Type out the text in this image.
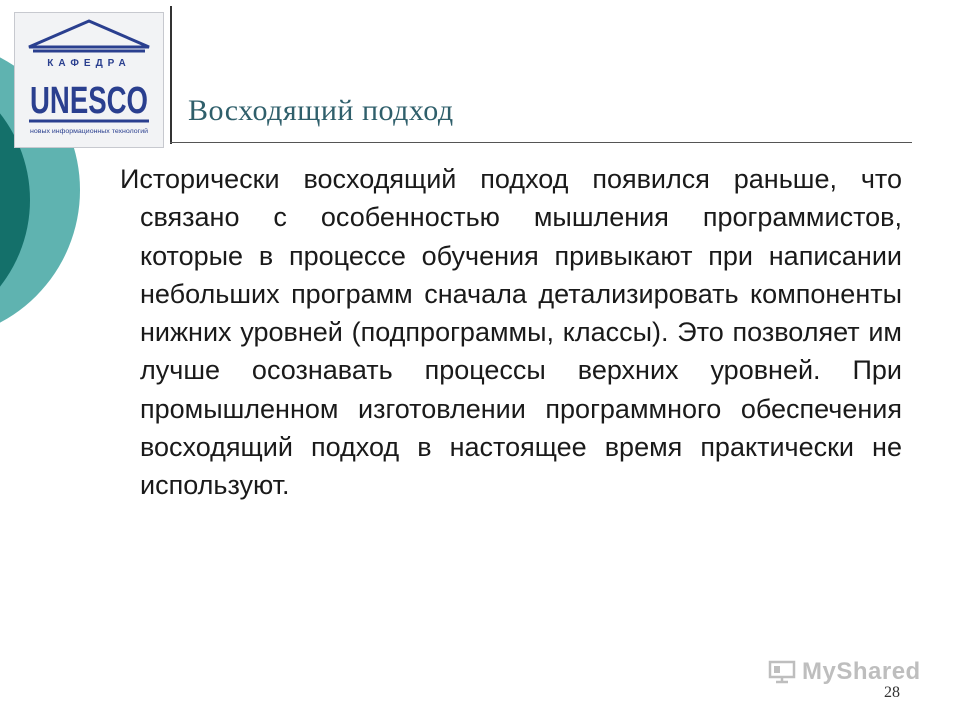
КАФЕДРА
UNESCO
новых информационных технологий
Восходящий подход
Исторически восходящий подход появился раньше, что связано с особенностью мышления программистов, которые в процессе обучения привыкают при написании небольших программ сначала детализировать компоненты нижних уровней (подпрограммы, классы). Это позволяет им лучше осознавать процессы верхних уровней. При промышленном изготовлении программного обеспечения восходящий подход в настоящее время практически не используют.
MyShared
28
